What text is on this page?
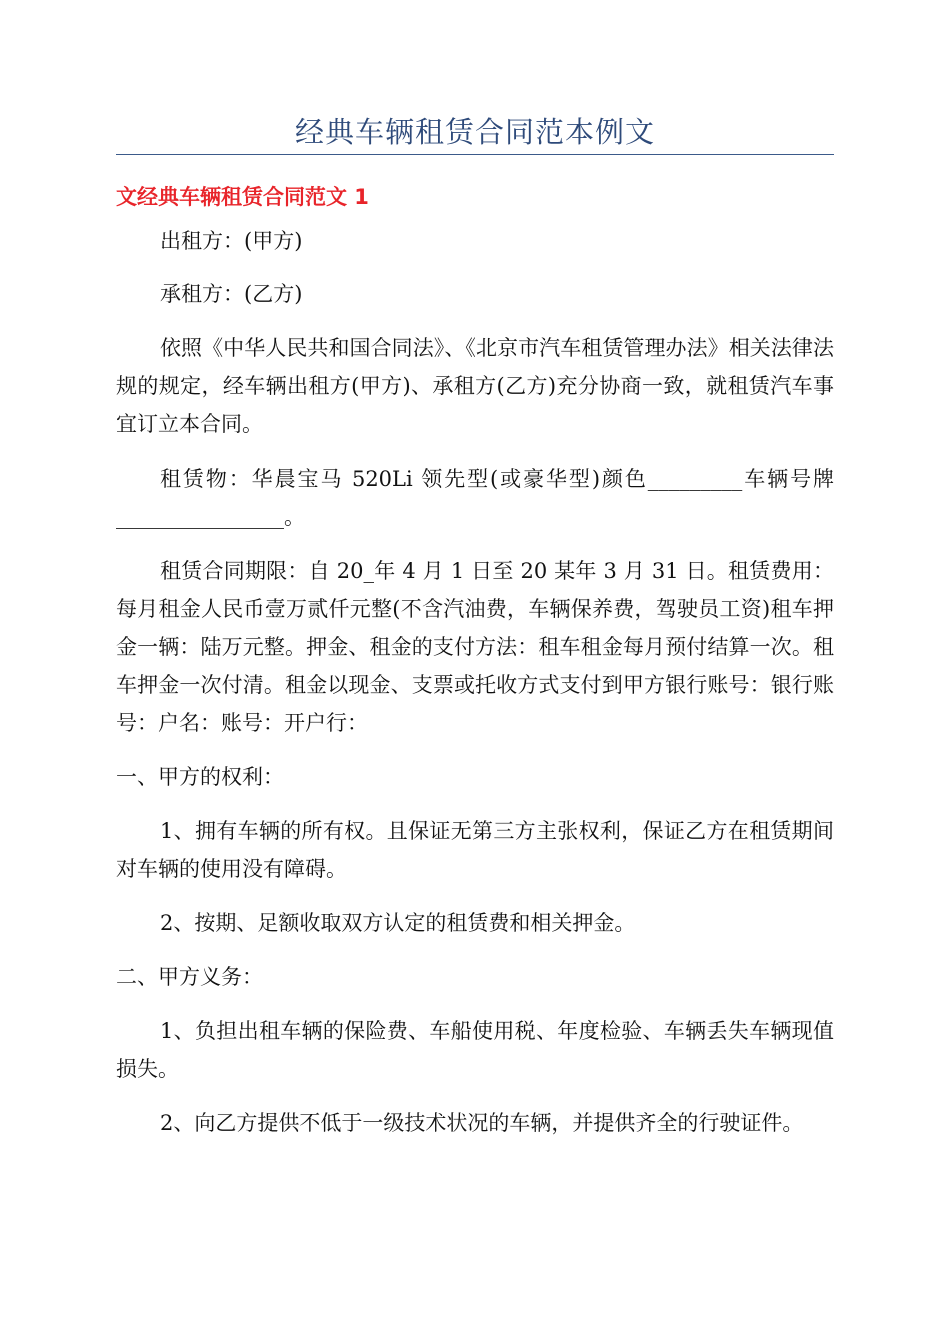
经典车辆租赁合同范本例文
文经典车辆租赁合同范文 1

出租方：(甲方)

承租方：(乙方)

依照《中华人民共和国合同法》、《北京市汽车租赁管理办法》相关法律法规的规定，经车辆出租方(甲方)、承租方(乙方)充分协商一致，就租赁汽车事宜订立本合同。

租赁物：华晨宝马 520Li 领先型(或豪华型)颜色_________车辆号牌________________。

租赁合同期限：自 20_年 4 月 1 日至 20 某年 3 月 31 日。租赁费用：每月租金人民币壹万贰仟元整(不含汽油费，车辆保养费，驾驶员工资)租车押金一辆：陆万元整。押金、租金的支付方法：租车租金每月预付结算一次。租车押金一次付清。租金以现金、支票或托收方式支付到甲方银行账号：银行账号：户名：账号：开户行：

一、甲方的权利：

1、拥有车辆的所有权。且保证无第三方主张权利，保证乙方在租赁期间对车辆的使用没有障碍。

2、按期、足额收取双方认定的租赁费和相关押金。

二、甲方义务：

1、负担出租车辆的保险费、车船使用税、年度检验、车辆丢失车辆现值损失。

2、向乙方提供不低于一级技术状况的车辆，并提供齐全的行驶证件。
